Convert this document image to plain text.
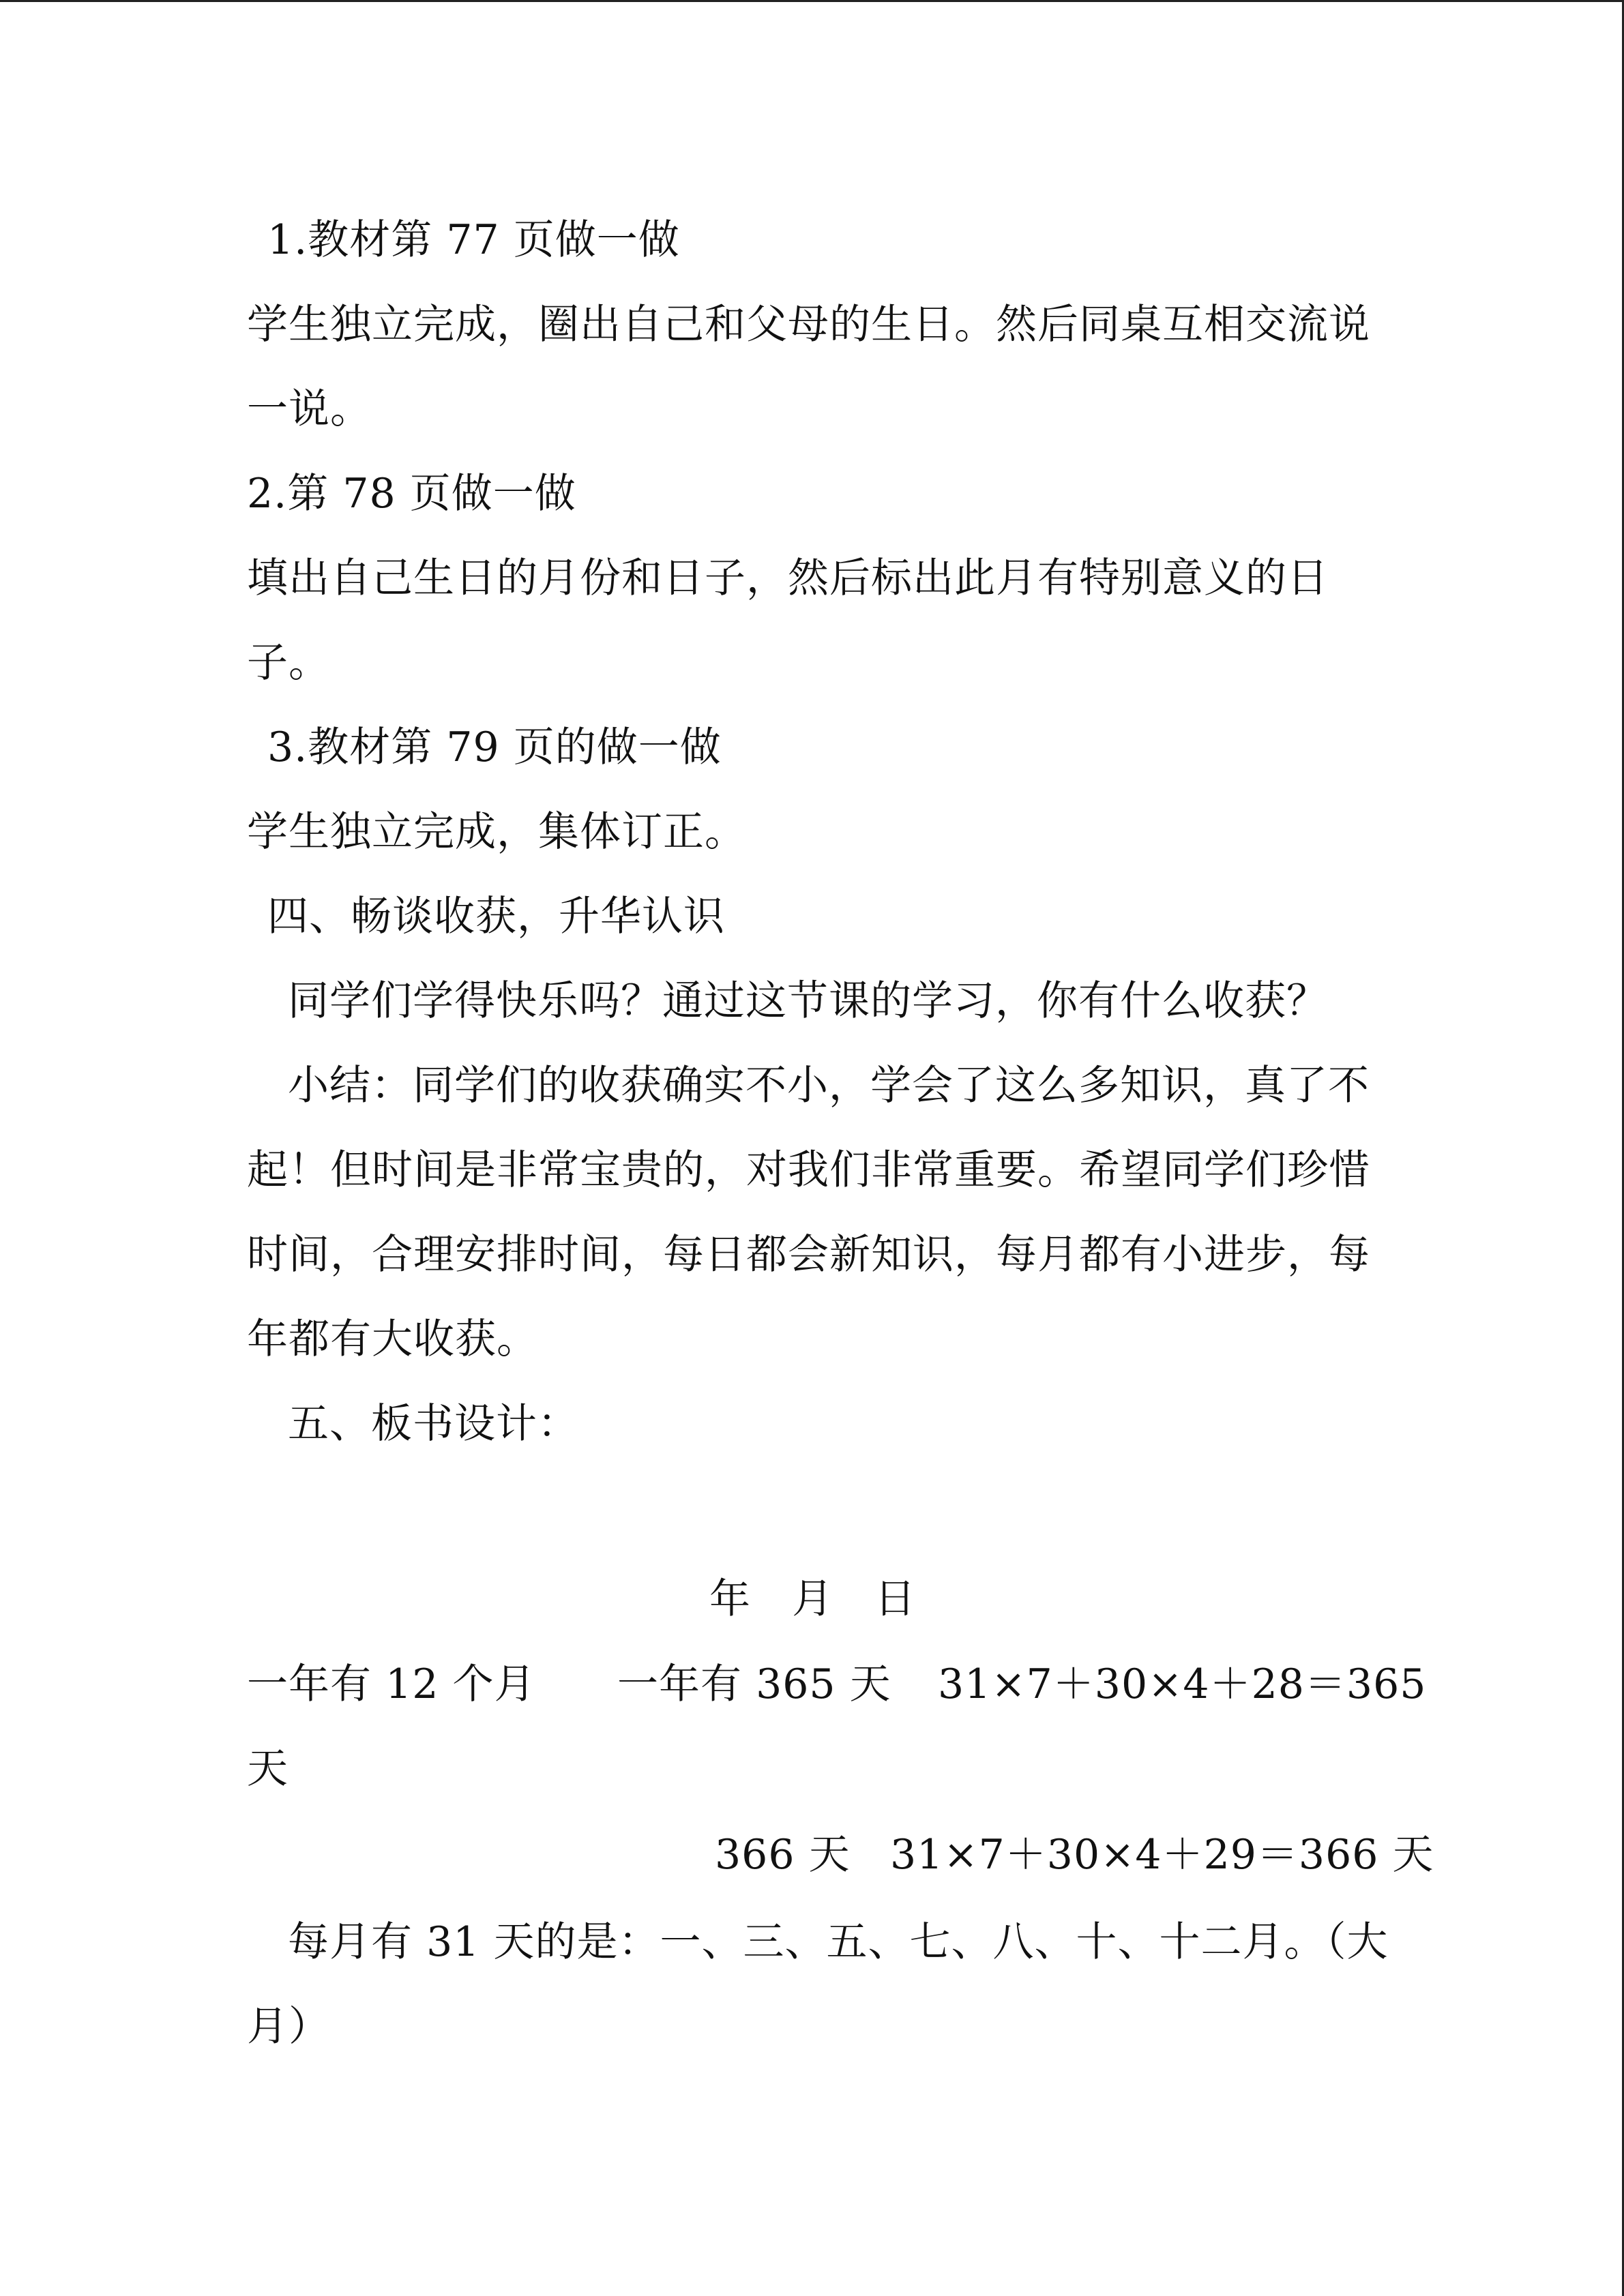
1.教材第 77 页做一做
学生独立完成，圈出自己和父母的生日。然后同桌互相交流说
一说。
2.第 78 页做一做
填出自己生日的月份和日子，然后标出此月有特别意义的日
子。
3.教材第 79 页的做一做
学生独立完成，集体订正。
四、畅谈收获，升华认识
同学们学得快乐吗？通过这节课的学习，你有什么收获？
小结：同学们的收获确实不小，学会了这么多知识，真了不
起！但时间是非常宝贵的，对我们非常重要。希望同学们珍惜
时间，合理安排时间，每日都会新知识，每月都有小进步，每
年都有大收获。
五、板书设计：
年 月 日
一年有 12 个月 一年有 365 天 31×7＋30×4＋28＝365
天
366 天 31×7＋30×4＋29＝366 天
每月有 31 天的是：一、三、五、七、八、十、十二月。（大
月）
